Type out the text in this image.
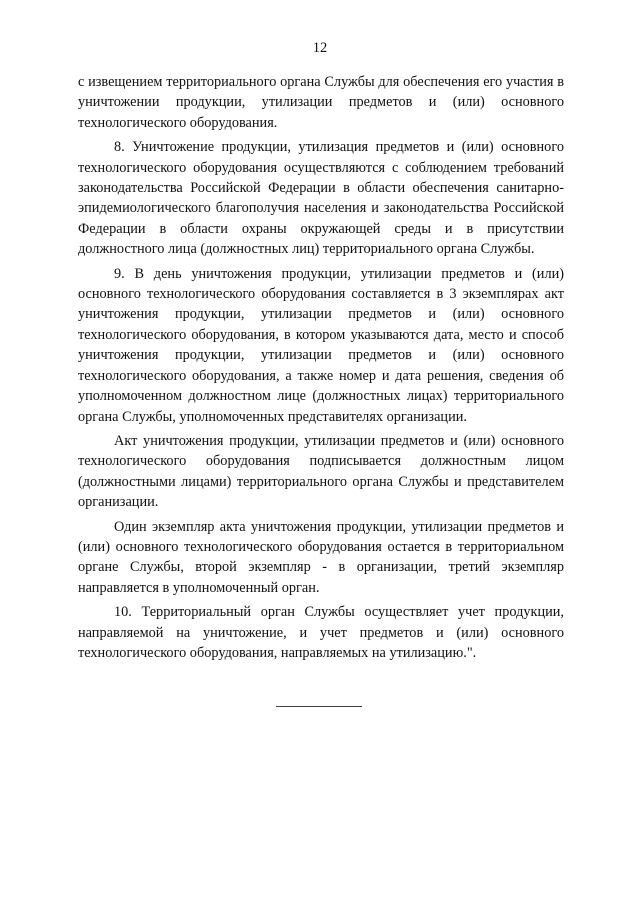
12

с извещением территориального органа Службы для обеспечения его участия в уничтожении продукции, утилизации предметов и (или) основного технологического оборудования.

8. Уничтожение продукции, утилизация предметов и (или) основного технологического оборудования осуществляются с соблюдением требований законодательства Российской Федерации в области обеспечения санитарно-эпидемиологического благополучия населения и законодательства Российской Федерации в области охраны окружающей среды и в присутствии должностного лица (должностных лиц) территориального органа Службы.

9. В день уничтожения продукции, утилизации предметов и (или) основного технологического оборудования составляется в 3 экземплярах акт уничтожения продукции, утилизации предметов и (или) основного технологического оборудования, в котором указываются дата, место и способ уничтожения продукции, утилизации предметов и (или) основного технологического оборудования, а также номер и дата решения, сведения об уполномоченном должностном лице (должностных лицах) территориального органа Службы, уполномоченных представителях организации.

Акт уничтожения продукции, утилизации предметов и (или) основного технологического оборудования подписывается должностным лицом (должностными лицами) территориального органа Службы и представителем организации.

Один экземпляр акта уничтожения продукции, утилизации предметов и (или) основного технологического оборудования остается в территориальном органе Службы, второй экземпляр - в организации, третий экземпляр направляется в уполномоченный орган.

10. Территориальный орган Службы осуществляет учет продукции, направляемой на уничтожение, и учет предметов и (или) основного технологического оборудования, направляемых на утилизацию.".
